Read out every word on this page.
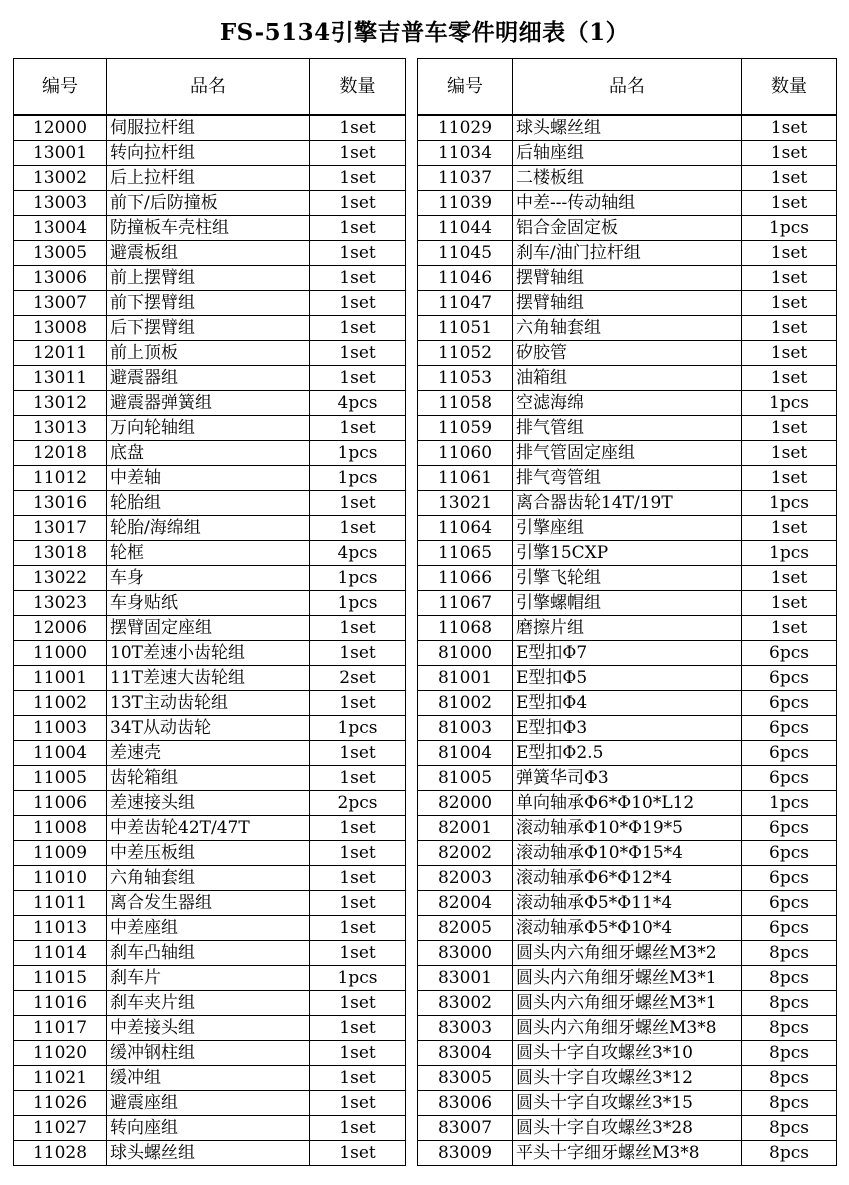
FS-5134引擎吉普车零件明细表（1）
编号	品名	数量
12000	伺服拉杆组	1set
13001	转向拉杆组	1set
13002	后上拉杆组	1set
13003	前下/后防撞板	1set
13004	防撞板车壳柱组	1set
13005	避震板组	1set
13006	前上摆臂组	1set
13007	前下摆臂组	1set
13008	后下摆臂组	1set
12011	前上顶板	1set
13011	避震器组	1set
13012	避震器弹簧组	4pcs
13013	万向轮轴组	1set
12018	底盘	1pcs
11012	中差轴	1pcs
13016	轮胎组	1set
13017	轮胎/海绵组	1set
13018	轮框	4pcs
13022	车身	1pcs
13023	车身贴纸	1pcs
12006	摆臂固定座组	1set
11000	10T差速小齿轮组	1set
11001	11T差速大齿轮组	2set
11002	13T主动齿轮组	1set
11003	34T从动齿轮	1pcs
11004	差速壳	1set
11005	齿轮箱组	1set
11006	差速接头组	2pcs
11008	中差齿轮42T/47T	1set
11009	中差压板组	1set
11010	六角轴套组	1set
11011	离合发生器组	1set
11013	中差座组	1set
11014	刹车凸轴组	1set
11015	刹车片	1pcs
11016	刹车夹片组	1set
11017	中差接头组	1set
11020	缓冲钢柱组	1set
11021	缓冲组	1set
11026	避震座组	1set
11027	转向座组	1set
11028	球头螺丝组	1set
编号	品名	数量
11029	球头螺丝组	1set
11034	后轴座组	1set
11037	二楼板组	1set
11039	中差---传动轴组	1set
11044	铝合金固定板	1pcs
11045	刹车/油门拉杆组	1set
11046	摆臂轴组	1set
11047	摆臂轴组	1set
11051	六角轴套组	1set
11052	矽胶管	1set
11053	油箱组	1set
11058	空滤海绵	1pcs
11059	排气管组	1set
11060	排气管固定座组	1set
11061	排气弯管组	1set
13021	离合器齿轮14T/19T	1pcs
11064	引擎座组	1set
11065	引擎15CXP	1pcs
11066	引擎飞轮组	1set
11067	引擎螺帽组	1set
11068	磨擦片组	1set
81000	E型扣Φ7	6pcs
81001	E型扣Φ5	6pcs
81002	E型扣Φ4	6pcs
81003	E型扣Φ3	6pcs
81004	E型扣Φ2.5	6pcs
81005	弹簧华司Φ3	6pcs
82000	单向轴承Φ6*Φ10*L12	1pcs
82001	滚动轴承Φ10*Φ19*5	6pcs
82002	滚动轴承Φ10*Φ15*4	6pcs
82003	滚动轴承Φ6*Φ12*4	6pcs
82004	滚动轴承Φ5*Φ11*4	6pcs
82005	滚动轴承Φ5*Φ10*4	6pcs
83000	圆头内六角细牙螺丝M3*2	8pcs
83001	圆头内六角细牙螺丝M3*1	8pcs
83002	圆头内六角细牙螺丝M3*1	8pcs
83003	圆头内六角细牙螺丝M3*8	8pcs
83004	圆头十字自攻螺丝3*10	8pcs
83005	圆头十字自攻螺丝3*12	8pcs
83006	圆头十字自攻螺丝3*15	8pcs
83007	圆头十字自攻螺丝3*28	8pcs
83009	平头十字细牙螺丝M3*8	8pcs
